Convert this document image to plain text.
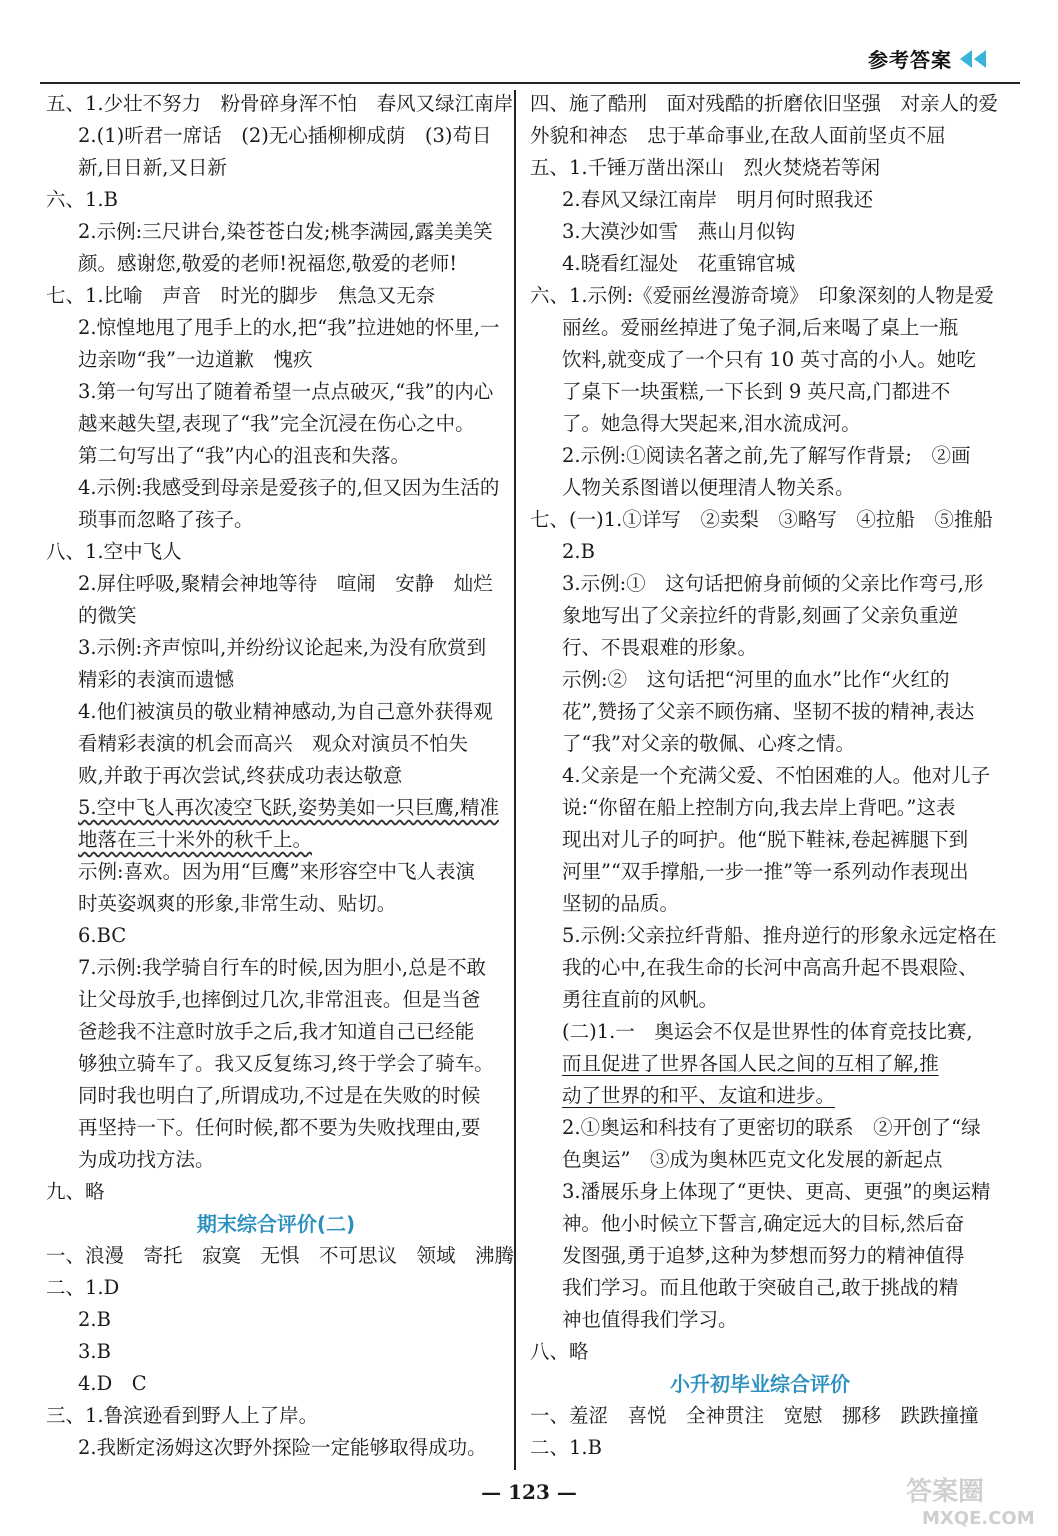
参考答案
五、1.少壮不努力　粉骨碎身浑不怕　春风又绿江南岸
2.(1)听君一席话　(2)无心插柳柳成荫　(3)苟日
新,日日新,又日新
六、1.B
2.示例:三尺讲台,染苍苍白发;桃李满园,露美美笑
颜。感谢您,敬爱的老师!祝福您,敬爱的老师!
七、1.比喻　声音　时光的脚步　焦急又无奈
2.惊惶地甩了甩手上的水,把“我”拉进她的怀里,一
边亲吻“我”一边道歉　愧疚
3.第一句写出了随着希望一点点破灭,“我”的内心
越来越失望,表现了“我”完全沉浸在伤心之中。
第二句写出了“我”内心的沮丧和失落。
4.示例:我感受到母亲是爱孩子的,但又因为生活的
琐事而忽略了孩子。
八、1.空中飞人
2.屏住呼吸,聚精会神地等待　喧闹　安静　灿烂
的微笑
3.示例:齐声惊叫,并纷纷议论起来,为没有欣赏到
精彩的表演而遗憾
4.他们被演员的敬业精神感动,为自己意外获得观
看精彩表演的机会而高兴　观众对演员不怕失
败,并敢于再次尝试,终获成功表达敬意
5.空中飞人再次凌空飞跃,姿势美如一只巨鹰,精准
地落在三十米外的秋千上。
示例:喜欢。因为用“巨鹰”来形容空中飞人表演
时英姿飒爽的形象,非常生动、贴切。
6.BC
7.示例:我学骑自行车的时候,因为胆小,总是不敢
让父母放手,也摔倒过几次,非常沮丧。但是当爸
爸趁我不注意时放手之后,我才知道自己已经能
够独立骑车了。我又反复练习,终于学会了骑车。
同时我也明白了,所谓成功,不过是在失败的时候
再坚持一下。任何时候,都不要为失败找理由,要
为成功找方法。
九、略
期末综合评价(二)
一、浪漫　寄托　寂寞　无惧　不可思议　领域　沸腾
二、1.D
2.B
3.B
4.D　C
三、1.鲁滨逊看到野人上了岸。
2.我断定汤姆这次野外探险一定能够取得成功。
四、施了酷刑　面对残酷的折磨依旧坚强　对亲人的爱
外貌和神态　忠于革命事业,在敌人面前坚贞不屈
五、1.千锤万凿出深山　烈火焚烧若等闲
2.春风又绿江南岸　明月何时照我还
3.大漠沙如雪　燕山月似钩
4.晓看红湿处　花重锦官城
六、1.示例:《爱丽丝漫游奇境》　印象深刻的人物是爱
丽丝。爱丽丝掉进了兔子洞,后来喝了桌上一瓶
饮料,就变成了一个只有 10 英寸高的小人。她吃
了桌下一块蛋糕,一下长到 9 英尺高,门都进不
了。她急得大哭起来,泪水流成河。
2.示例:①阅读名著之前,先了解写作背景;　②画
人物关系图谱以便理清人物关系。
七、(一)1.①详写　②卖梨　③略写　④拉船　⑤推船
2.B
3.示例:①　这句话把俯身前倾的父亲比作弯弓,形
象地写出了父亲拉纤的背影,刻画了父亲负重逆
行、不畏艰难的形象。
示例:②　这句话把“河里的血水”比作“火红的
花”,赞扬了父亲不顾伤痛、坚韧不拔的精神,表达
了“我”对父亲的敬佩、心疼之情。
4.父亲是一个充满父爱、不怕困难的人。他对儿子
说:“你留在船上控制方向,我去岸上背吧。”这表
现出对儿子的呵护。他“脱下鞋袜,卷起裤腿下到
河里”“双手撑船,一步一推”等一系列动作表现出
坚韧的品质。
5.示例:父亲拉纤背船、推舟逆行的形象永远定格在
我的心中,在我生命的长河中高高升起不畏艰险、
勇往直前的风帆。
(二)1.一　奥运会不仅是世界性的体育竞技比赛,
而且促进了世界各国人民之间的互相了解,推
动了世界的和平、友谊和进步。
2.①奥运和科技有了更密切的联系　②开创了“绿
色奥运”　③成为奥林匹克文化发展的新起点
3.潘展乐身上体现了“更快、更高、更强”的奥运精
神。他小时候立下誓言,确定远大的目标,然后奋
发图强,勇于追梦,这种为梦想而努力的精神值得
我们学习。而且他敢于突破自己,敢于挑战的精
神也值得我们学习。
八、略
小升初毕业综合评价
一、羞涩　喜悦　全神贯注　宽慰　挪移　跌跌撞撞
二、1.B
— 123 —	答案圈
MXQE.COM
